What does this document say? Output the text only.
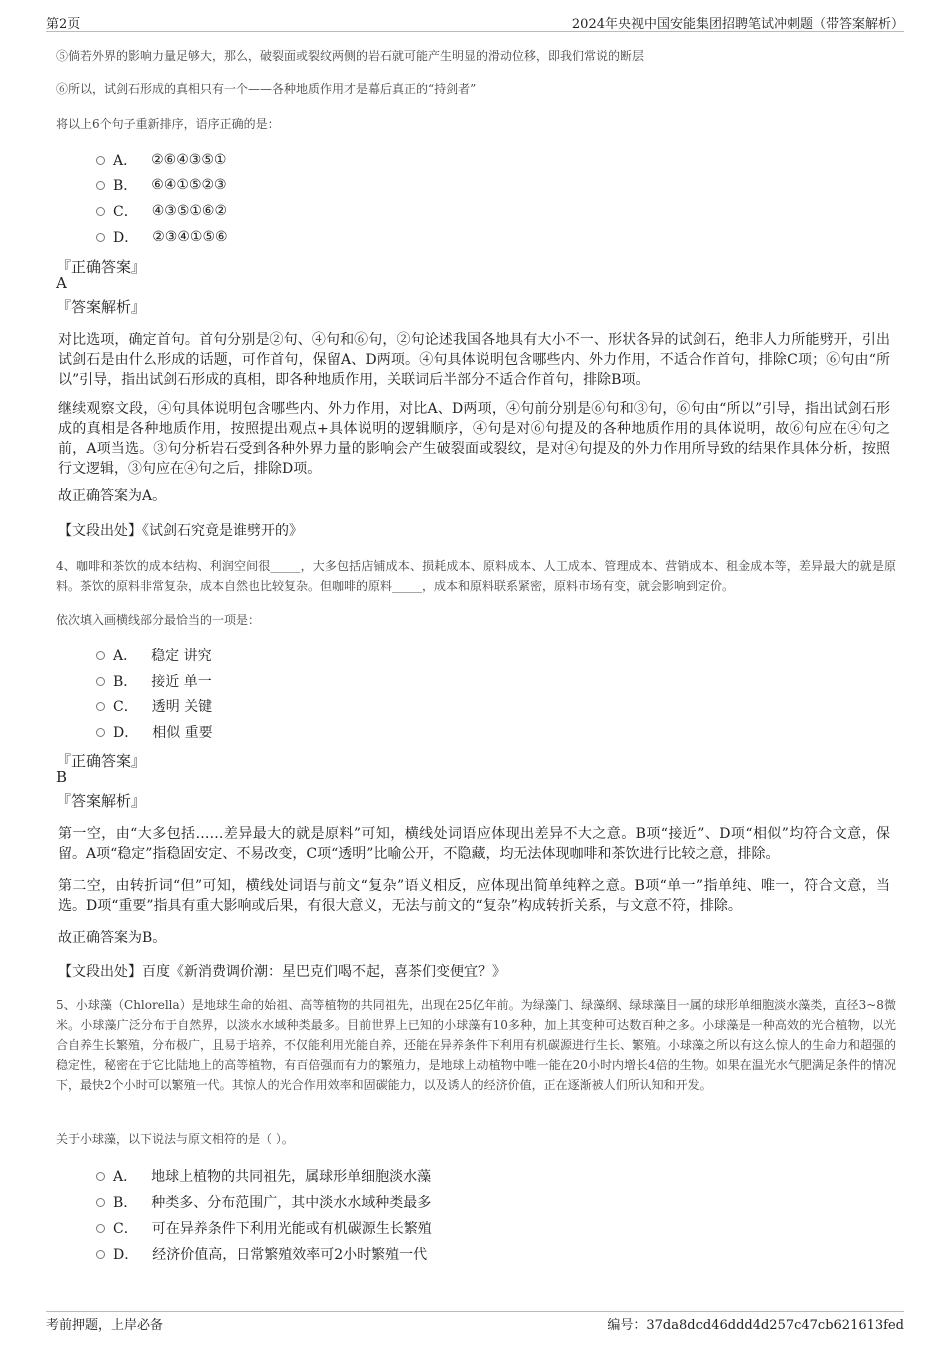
第2页	2024年央视中国安能集团招聘笔试冲刺题（带答案解析）
⑤倘若外界的影响力量足够大，那么，破裂面或裂纹两侧的岩石就可能产生明显的滑动位移，即我们常说的断层
⑥所以，试剑石形成的真相只有一个——各种地质作用才是幕后真正的“持剑者”
将以上6个句子重新排序，语序正确的是：
A． ②⑥④③⑤①
B． ⑥④①⑤②③
C． ④③⑤①⑥②
D． ②③④①⑤⑥
『正确答案』
A
『答案解析』
对比选项，确定首句。首句分别是②句、④句和⑥句，②句论述我国各地具有大小不一、形状各异的试剑石，绝非人力所能劈开，引出试剑石是由什么形成的话题，可作首句，保留A、D两项。④句具体说明包含哪些内、外力作用，不适合作首句，排除C项；⑥句由“所以”引导，指出试剑石形成的真相，即各种地质作用，关联词后半部分不适合作首句，排除B项。
继续观察文段，④句具体说明包含哪些内、外力作用，对比A、D两项，④句前分别是⑥句和③句，⑥句由“所以”引导，指出试剑石形成的真相是各种地质作用，按照提出观点+具体说明的逻辑顺序，④句是对⑥句提及的各种地质作用的具体说明，故⑥句应在④句之前，A项当选。③句分析岩石受到各种外界力量的影响会产生破裂面或裂纹，是对④句提及的外力作用所导致的结果作具体分析，按照行文逻辑，③句应在④句之后，排除D项。
故正确答案为A。
【文段出处】《试剑石究竟是谁劈开的》
4、咖啡和茶饮的成本结构、利润空间很_____，大多包括店铺成本、损耗成本、原料成本、人工成本、管理成本、营销成本、租金成本等，差异最大的就是原料。茶饮的原料非常复杂，成本自然也比较复杂。但咖啡的原料_____，成本和原料联系紧密，原料市场有变，就会影响到定价。
依次填入画横线部分最恰当的一项是：
A． 稳定 讲究
B． 接近 单一
C． 透明 关键
D． 相似 重要
『正确答案』
B
『答案解析』
第一空，由“大多包括……差异最大的就是原料”可知，横线处词语应体现出差异不大之意。B项“接近”、D项“相似”均符合文意，保留。A项“稳定”指稳固安定、不易改变，C项“透明”比喻公开，不隐藏，均无法体现咖啡和茶饮进行比较之意，排除。
第二空，由转折词“但”可知，横线处词语与前文“复杂”语义相反，应体现出简单纯粹之意。B项“单一”指单纯、唯一，符合文意，当选。D项“重要”指具有重大影响或后果，有很大意义，无法与前文的“复杂”构成转折关系，与文意不符，排除。
故正确答案为B。
【文段出处】百度《新消费调价潮：星巴克们喝不起，喜茶们变便宜？》
5、小球藻（Chlorella）是地球生命的始祖、高等植物的共同祖先，出现在25亿年前。为绿藻门、绿藻纲、绿球藻目一属的球形单细胞淡水藻类，直径3~8微米。小球藻广泛分布于自然界，以淡水水域种类最多。目前世界上已知的小球藻有10多种，加上其变种可达数百种之多。小球藻是一种高效的光合植物，以光合自养生长繁殖，分布极广，且易于培养，不仅能利用光能自养，还能在异养条件下利用有机碳源进行生长、繁殖。小球藻之所以有这么惊人的生命力和超强的稳定性，秘密在于它比陆地上的高等植物，有百倍强而有力的繁殖力，是地球上动植物中唯一能在20小时内增长4倍的生物。如果在温光水气肥满足条件的情况下，最快2个小时可以繁殖一代。其惊人的光合作用效率和固碳能力，以及诱人的经济价值，正在逐渐被人们所认知和开发。
关于小球藻，以下说法与原文相符的是（ ）。
A． 地球上植物的共同祖先，属球形单细胞淡水藻
B． 种类多、分布范围广，其中淡水水域种类最多
C． 可在异养条件下利用光能或有机碳源生长繁殖
D． 经济价值高，日常繁殖效率可2小时繁殖一代
考前押题，上岸必备	编号：37da8dcd46ddd4d257c47cb621613fed
